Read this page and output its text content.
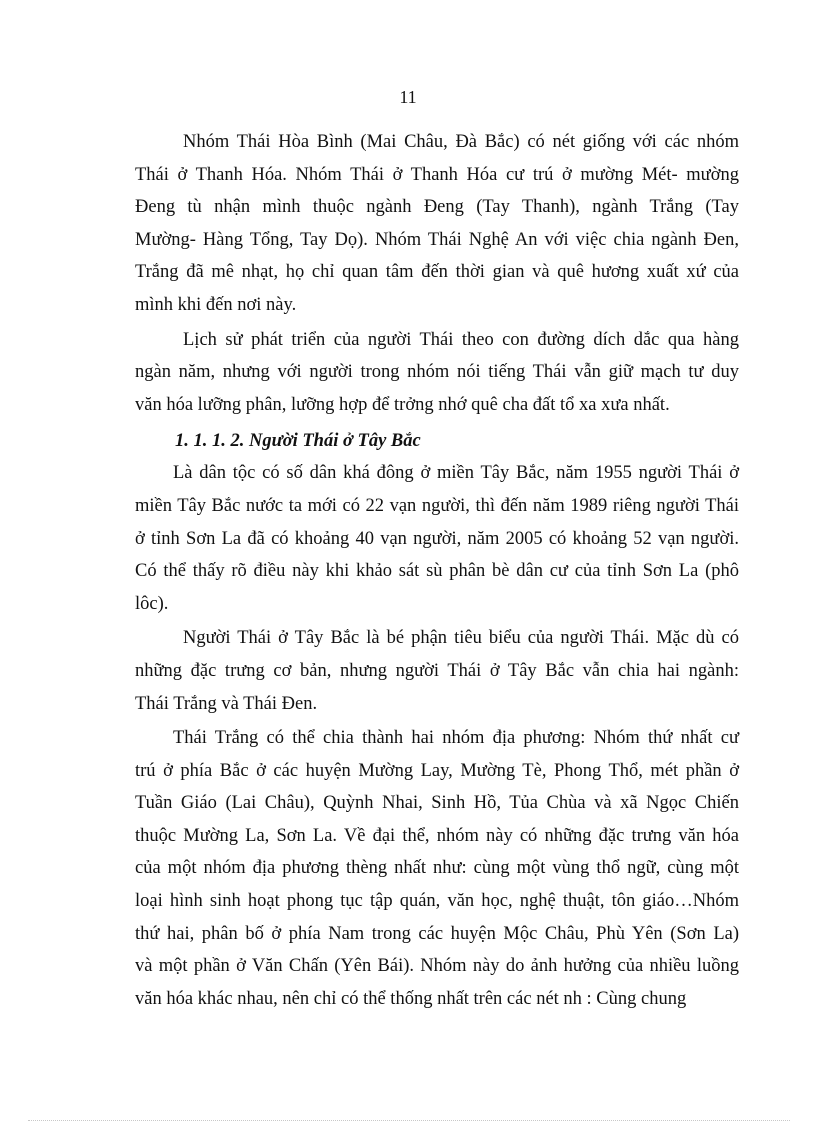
11

Nhóm Thái Hòa Bình (Mai Châu, Đà Bắc) có nét giống với các nhóm
Thái ở Thanh Hóa. Nhóm Thái ở Thanh Hóa cư trú ở mường Mét- mường
Đeng tù nhận mình thuộc ngành Đeng (Tay Thanh), ngành Trắng (Tay
Mường- Hàng Tổng, Tay Dọ). Nhóm Thái Nghệ An với việc chia ngành Đen,
Trắng đã mê nhạt, họ chỉ quan tâm đến thời gian và quê hương xuất xứ của
mình khi đến nơi này.

Lịch sử phát triển của người Thái theo con đường dích dắc qua hàng
ngàn năm, nhưng với người trong nhóm nói tiếng Thái vẫn giữ mạch tư duy
văn hóa lưỡng phân, lưỡng hợp để trởng nhớ quê cha đất tổ xa xưa nhất.

1. 1. 1. 2. Người Thái ở Tây Bắc

Là dân tộc có số dân khá đông ở miền Tây Bắc, năm 1955 người Thái ở
miền Tây Bắc nước ta mới có 22 vạn người, thì đến năm 1989 riêng người Thái
ở tỉnh Sơn La đã có khoảng 40 vạn người, năm 2005 có khoảng 52 vạn người.
Có thể thấy rõ điều này khi khảo sát sù phân bè dân cư của tỉnh Sơn La (phô
lôc).

Người Thái ở Tây Bắc là bé phận tiêu biểu của người Thái. Mặc dù có
những đặc trưng cơ bản, nhưng người Thái ở Tây Bắc vẫn chia hai ngành:
Thái Trắng và Thái Đen.

Thái Trắng có thể chia thành hai nhóm địa phương: Nhóm thứ nhất cư
trú ở phía Bắc ở các huyện Mường Lay, Mường Tè, Phong Thổ, mét phần ở
Tuần Giáo (Lai Châu), Quỳnh Nhai, Sinh Hồ, Tủa Chùa và xã Ngọc Chiến
thuộc Mường La, Sơn La. Về đại thể, nhóm này có những đặc trưng văn hóa
của một nhóm địa phương thèng nhất như: cùng một vùng thổ ngữ, cùng một
loại hình sinh hoạt phong tục tập quán, văn học, nghệ thuật, tôn giáo…Nhóm
thứ hai, phân bố ở phía Nam trong các huyện Mộc Châu, Phù Yên (Sơn La)
và một phần ở Văn Chấn (Yên Bái). Nhóm này do ảnh hưởng của nhiều luồng
văn hóa khác nhau, nên chỉ có thể thống nhất trên các nét nh : Cùng chung
